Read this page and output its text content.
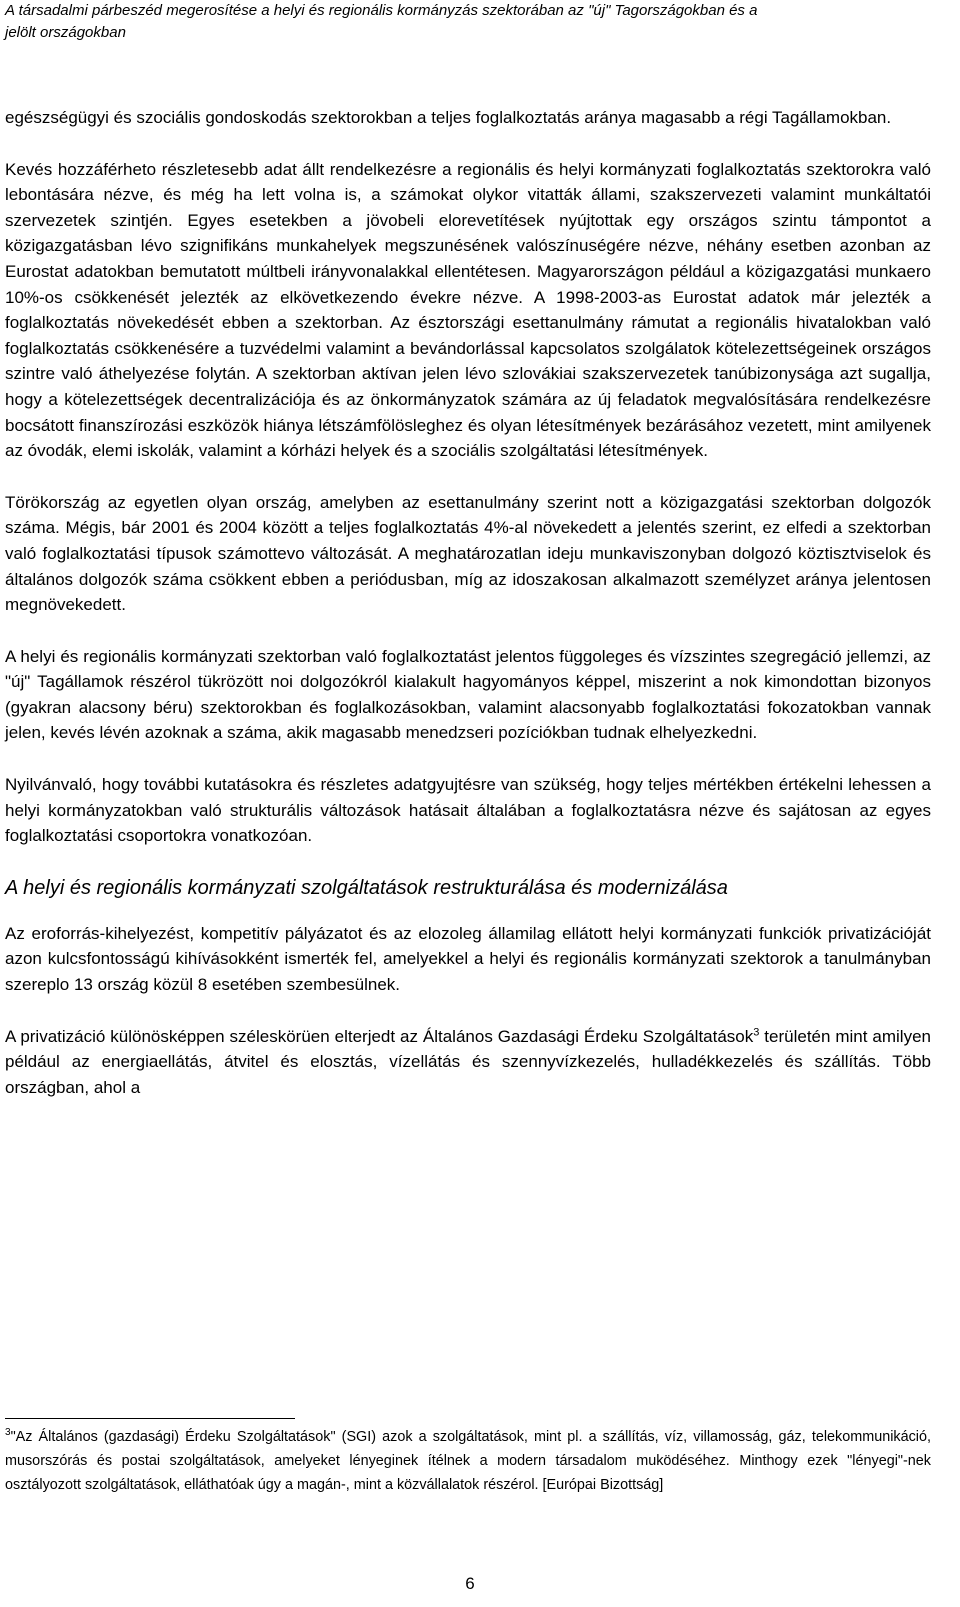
A társadalmi párbeszéd megerosítése a helyi és regionális kormányzás szektorában az "új" Tagországokban és a
jelölt országokban

egészségügyi és szociális gondoskodás szektorokban a teljes foglalkoztatás aránya magasabb a régi Tagállamokban.

Kevés hozzáférheto részletesebb adat állt rendelkezésre a regionális és helyi kormányzati foglalkoztatás szektorokra való lebontására nézve, és még ha lett volna is, a számokat olykor vitatták állami, szakszervezeti valamint munkáltatói szervezetek szintjén. Egyes esetekben a jövobeli elorevetítések nyújtottak egy országos szintu támpontot a közigazgatásban lévo szignifikáns munkahelyek megszunésének valószínuségére nézve, néhány esetben azonban az Eurostat adatokban bemutatott múltbeli irányvonalakkal ellentétesen. Magyarországon például a közigazgatási munkaero 10%-os csökkenését jelezték az elkövetkezendo évekre nézve. A 1998-2003-as Eurostat adatok már jelezték a foglalkoztatás növekedését ebben a szektorban. Az észtországi esettanulmány rámutat a regionális hivatalokban való foglalkoztatás csökkenésére a tuzvédelmi valamint a bevándorlással kapcsolatos szolgálatok kötelezettségeinek országos szintre való áthelyezése folytán. A szektorban aktívan jelen lévo szlovákiai szakszervezetek tanúbizonysága azt sugallja, hogy a kötelezettségek decentralizációja és az önkormányzatok számára az új feladatok megvalósítására rendelkezésre bocsátott finanszírozási eszközök hiánya létszámfölösleghez és olyan létesítmények bezárásához vezetett, mint amilyenek az óvodák, elemi iskolák, valamint a kórházi helyek és a szociális szolgáltatási létesítmények.

Törökország az egyetlen olyan ország, amelyben az esettanulmány szerint nott a közigazgatási szektorban dolgozók száma. Mégis, bár 2001 és 2004 között a teljes foglalkoztatás 4%-al növekedett a jelentés szerint, ez elfedi a szektorban való foglalkoztatási típusok számottevo változását. A meghatározatlan ideju munkaviszonyban dolgozó köztisztviselok és általános dolgozók száma csökkent ebben a periódusban, míg az idoszakosan alkalmazott személyzet aránya jelentosen megnövekedett.

A helyi és regionális kormányzati szektorban való foglalkoztatást jelentos függoleges és vízszintes szegregáció jellemzi, az "új" Tagállamok részérol tükrözött noi dolgozókról kialakult hagyományos képpel, miszerint a nok kimondottan bizonyos (gyakran alacsony béru) szektorokban és foglalkozásokban, valamint alacsonyabb foglalkoztatási fokozatokban vannak jelen, kevés lévén azoknak a száma, akik magasabb menedzseri pozíciókban tudnak elhelyezkedni.

Nyilvánvaló, hogy további kutatásokra és részletes adatgyujtésre van szükség, hogy teljes mértékben értékelni lehessen a helyi kormányzatokban való strukturális változások hatásait általában a foglalkoztatásra nézve és sajátosan az egyes foglalkoztatási csoportokra vonatkozóan.

A helyi és regionális kormányzati szolgáltatások restrukturálása és modernizálása

Az eroforrás-kihelyezést, kompetitív pályázatot és az elozoleg államilag ellátott helyi kormányzati funkciók privatizációját azon kulcsfontosságú kihívásokként ismerték fel, amelyekkel a helyi és regionális kormányzati szektorok a tanulmányban szereplo 13 ország közül 8 esetében szembesülnek.

A privatizáció különösképpen széleskörüen elterjedt az Általános Gazdasági Érdeku Szolgáltatások$^3$ területén mint amilyen például az energiaellátás, átvitel és elosztás, vízellátás és szennyvízkezelés, hulladékkezelés és szállítás. Több országban, ahol a

$^3$"Az Általános (gazdasági) Érdeku Szolgáltatások" (SGI) azok a szolgáltatások, mint pl. a szállítás, víz, villamosság, gáz, telekommunikáció, musorszórás és postai szolgáltatások, amelyeket lényeginek ítélnek a modern társadalom muködéséhez. Minthogy ezek "lényegi"-nek osztályozott szolgáltatások, elláthatóak úgy a magán-, mint a közvállalatok részérol. [Európai Bizottság]
6
